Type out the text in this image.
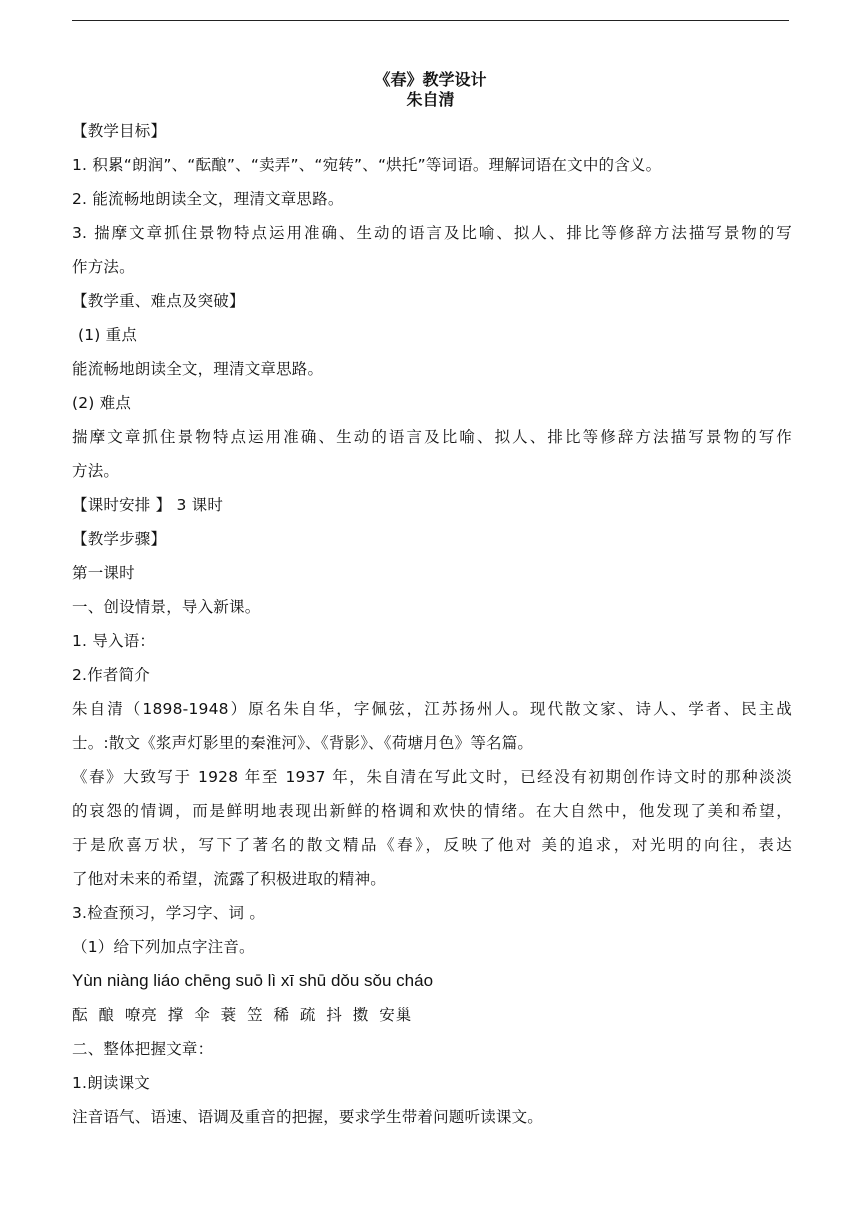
《春》教学设计
朱自清
【教学目标】
1. 积累“朗润”、“酝酿”、“卖弄”、“宛转”、“烘托”等词语。理解词语在文中的含义。
2. 能流畅地朗读全文，理清文章思路。
3. 揣摩文章抓住景物特点运用准确、生动的语言及比喻、拟人、排比等修辞方法描写景物的写
作方法。
【教学重、难点及突破】
(1) 重点
能流畅地朗读全文，理清文章思路。
(2) 难点
揣摩文章抓住景物特点运用准确、生动的语言及比喻、拟人、排比等修辞方法描写景物的写作
方法。
【课时安排 】 3 课时
【教学步骤】
第一课时
一、创设情景，导入新课。
1. 导入语：
2.作者简介
朱自清（1898-1948）原名朱自华，字佩弦，江苏扬州人。现代散文家、诗人、学者、民主战
士。:散文《浆声灯影里的秦淮河》、《背影》、《荷塘月色》等名篇。
《春》大致写于 1928 年至 1937 年，朱自清在写此文时，已经没有初期创作诗文时的那种淡淡
的哀怨的情调，而是鲜明地表现出新鲜的格调和欢快的情绪。在大自然中，他发现了美和希望，
于是欣喜万状，写下了著名的散文精品《春》，反映了他对 美的追求，对光明的向往，表达
了他对未来的希望，流露了积极进取的精神。
3.检查预习，学习字、词 。
（1）给下列加点字注音。
Yùn niàng liáo chēng suō lì xī shū dǒu sǒu cháo
酝 酿 嘹亮 撑 伞 蓑 笠 稀 疏 抖 擞 安巢
二、整体把握文章：
1.朗读课文
注音语气、语速、语调及重音的把握，要求学生带着问题听读课文。
